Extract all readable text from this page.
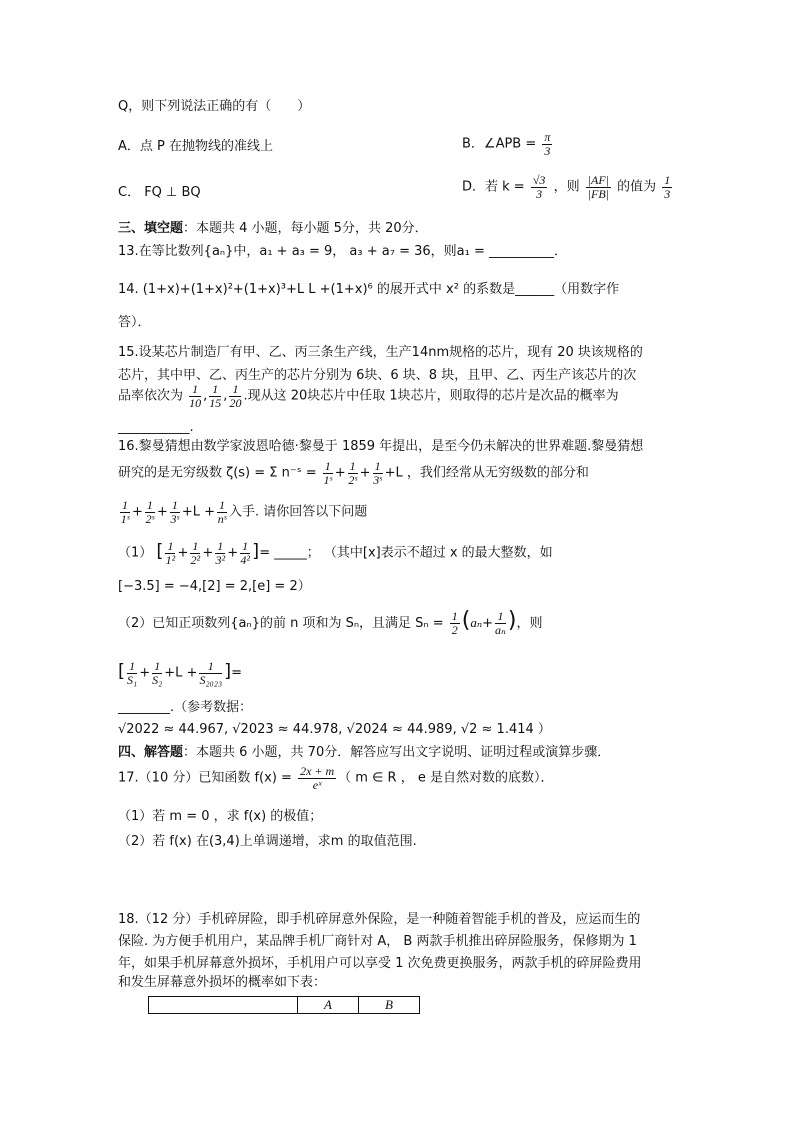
Q，则下列说法正确的有（　　）
A．点 P 在抛物线的准线上	B．∠APB = $\frac{\pi}{3}$
C． FQ ⊥ BQ	D．若 $k = \frac{√3}{3}$ ，则 $\frac{|AF|}{|FB|}$ 的值为 $\frac{1}{3}$
三、填空题：本题共 4 小题，每小题 5分，共 20分．
13.在等比数列{aₙ}中，a₁ + a₃ = 9， a₃ + a₇ = 36，则a₁ = __________．
14. (1+x)+(1+x)²+(1+x)³+L L +(1+x)⁶ 的展开式中 x² 的系数是______（用数字作
答）．
15.设某芯片制造厂有甲、乙、丙三条生产线，生产14nm规格的芯片，现有 20 块该规格的
芯片，其中甲、乙、丙生产的芯片分别为 6块、6 块、8 块，且甲、乙、丙生产该芯片的次
品率依次为 $\frac{1}{10}$ , $\frac{1}{15}$ , $\frac{1}{20}$ .现从这 20块芯片中任取 1块芯片，则取得的芯片是次品的概率为
___________.
16.黎曼猜想由数学家波恩哈德·黎曼于 1859 年提出，是至今仍未解决的世界难题.黎曼猜想
研究的是无穷级数 ζ(s) = Σ n⁻ˢ = $\frac{1}{\text{1ˢ}} + \frac{1}{\text{2ˢ}} + \frac{1}{\text{3ˢ}} +L$ ，我们经常从无穷级数的部分和
$\frac{1}{\text{1ˢ}} + \frac{1}{\text{2ˢ}} + \frac{1}{\text{3ˢ}} +L + \frac{1}{\text{nˢ}}$ 入手. 请你回答以下问题
（1） [ $\frac{1}{\text{1²}} + \frac{1}{\text{2²}} + \frac{1}{\text{3²}} + \frac{1}{\text{4²}}$ ]= _____； （其中[x]表示不超过 x 的最大整数，如
[−3.5] = −4,[2] = 2,[e] = 2）
（2）已知正项数列{aₙ}的前 n 项和为 Sₙ，且满足 $S_n = \frac{1}{2} (a_n+ \frac{1}{\text{aₙ}}$ )，则
[ $\frac{1}{\text{S₁}} + \frac{1}{\text{S₂}} +L + \frac{1}{\text{S₂₀₂₃}}$ ]=
________.（参考数据：
√2022 ≈ 44.967, √2023 ≈ 44.978, √2024 ≈ 44.989, √2 ≈ 1.414 ）
四、解答题：本题共 6 小题，共 70分．解答应写出文字说明、证明过程或演算步骤．
17.（10 分）已知函数 $f(x) = \frac{2x + m}{\text{eˣ}}$ （ m ∈ R ， e 是自然对数的底数）．
（1）若 m = 0 ，求 f(x) 的极值；
（2）若 f(x) 在(3,4)上单调递增，求m 的取值范围.
18.（12 分）手机碎屏险，即手机碎屏意外保险，是一种随着智能手机的普及，应运而生的
保险. 为方便手机用户，某品牌手机厂商针对 A， B 两款手机推出碎屏险服务，保修期为 1
年，如果手机屏幕意外损坏，手机用户可以享受 1 次免费更换服务，两款手机的碎屏险费用
和发生屏幕意外损坏的概率如下表：
	A	B
